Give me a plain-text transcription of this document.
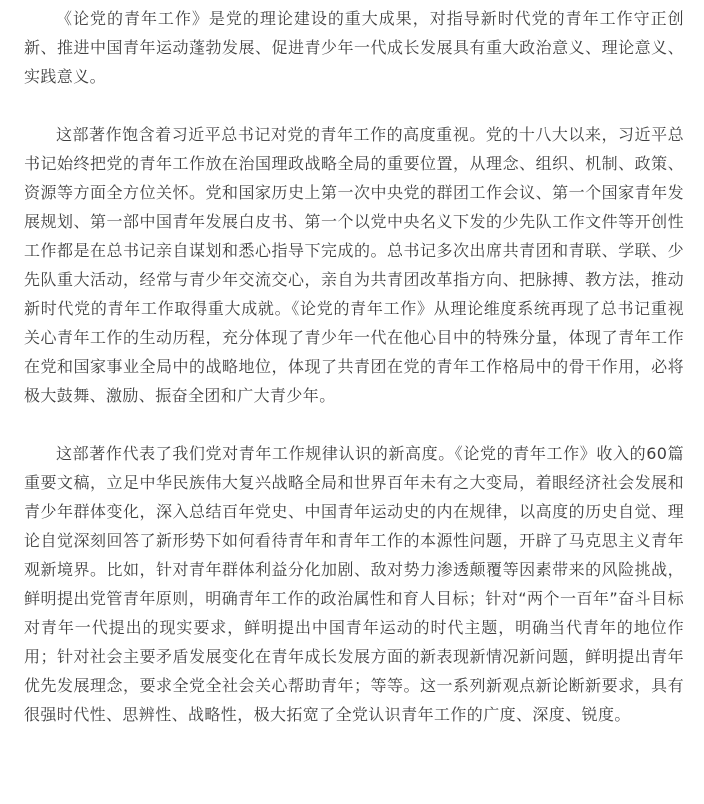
《论党的青年工作》是党的理论建设的重大成果，对指导新时代党的青年工作守正创新、推进中国青年运动蓬勃发展、促进青少年一代成长发展具有重大政治意义、理论意义、实践意义。

这部著作饱含着习近平总书记对党的青年工作的高度重视。党的十八大以来，习近平总书记始终把党的青年工作放在治国理政战略全局的重要位置，从理念、组织、机制、政策、资源等方面全方位关怀。党和国家历史上第一次中央党的群团工作会议、第一个国家青年发展规划、第一部中国青年发展白皮书、第一个以党中央名义下发的少先队工作文件等开创性工作都是在总书记亲自谋划和悉心指导下完成的。总书记多次出席共青团和青联、学联、少先队重大活动，经常与青少年交流交心，亲自为共青团改革指方向、把脉搏、教方法，推动新时代党的青年工作取得重大成就。《论党的青年工作》从理论维度系统再现了总书记重视关心青年工作的生动历程，充分体现了青少年一代在他心目中的特殊分量，体现了青年工作在党和国家事业全局中的战略地位，体现了共青团在党的青年工作格局中的骨干作用，必将极大鼓舞、激励、振奋全团和广大青少年。

这部著作代表了我们党对青年工作规律认识的新高度。《论党的青年工作》收入的60篇重要文稿，立足中华民族伟大复兴战略全局和世界百年未有之大变局，着眼经济社会发展和青少年群体变化，深入总结百年党史、中国青年运动史的内在规律，以高度的历史自觉、理论自觉深刻回答了新形势下如何看待青年和青年工作的本源性问题，开辟了马克思主义青年观新境界。比如，针对青年群体利益分化加剧、敌对势力渗透颠覆等因素带来的风险挑战，鲜明提出党管青年原则，明确青年工作的政治属性和育人目标；针对“两个一百年”奋斗目标对青年一代提出的现实要求，鲜明提出中国青年运动的时代主题，明确当代青年的地位作用；针对社会主要矛盾发展变化在青年成长发展方面的新表现新情况新问题，鲜明提出青年优先发展理念，要求全党全社会关心帮助青年；等等。这一系列新观点新论断新要求，具有很强时代性、思辨性、战略性，极大拓宽了全党认识青年工作的广度、深度、锐度。
